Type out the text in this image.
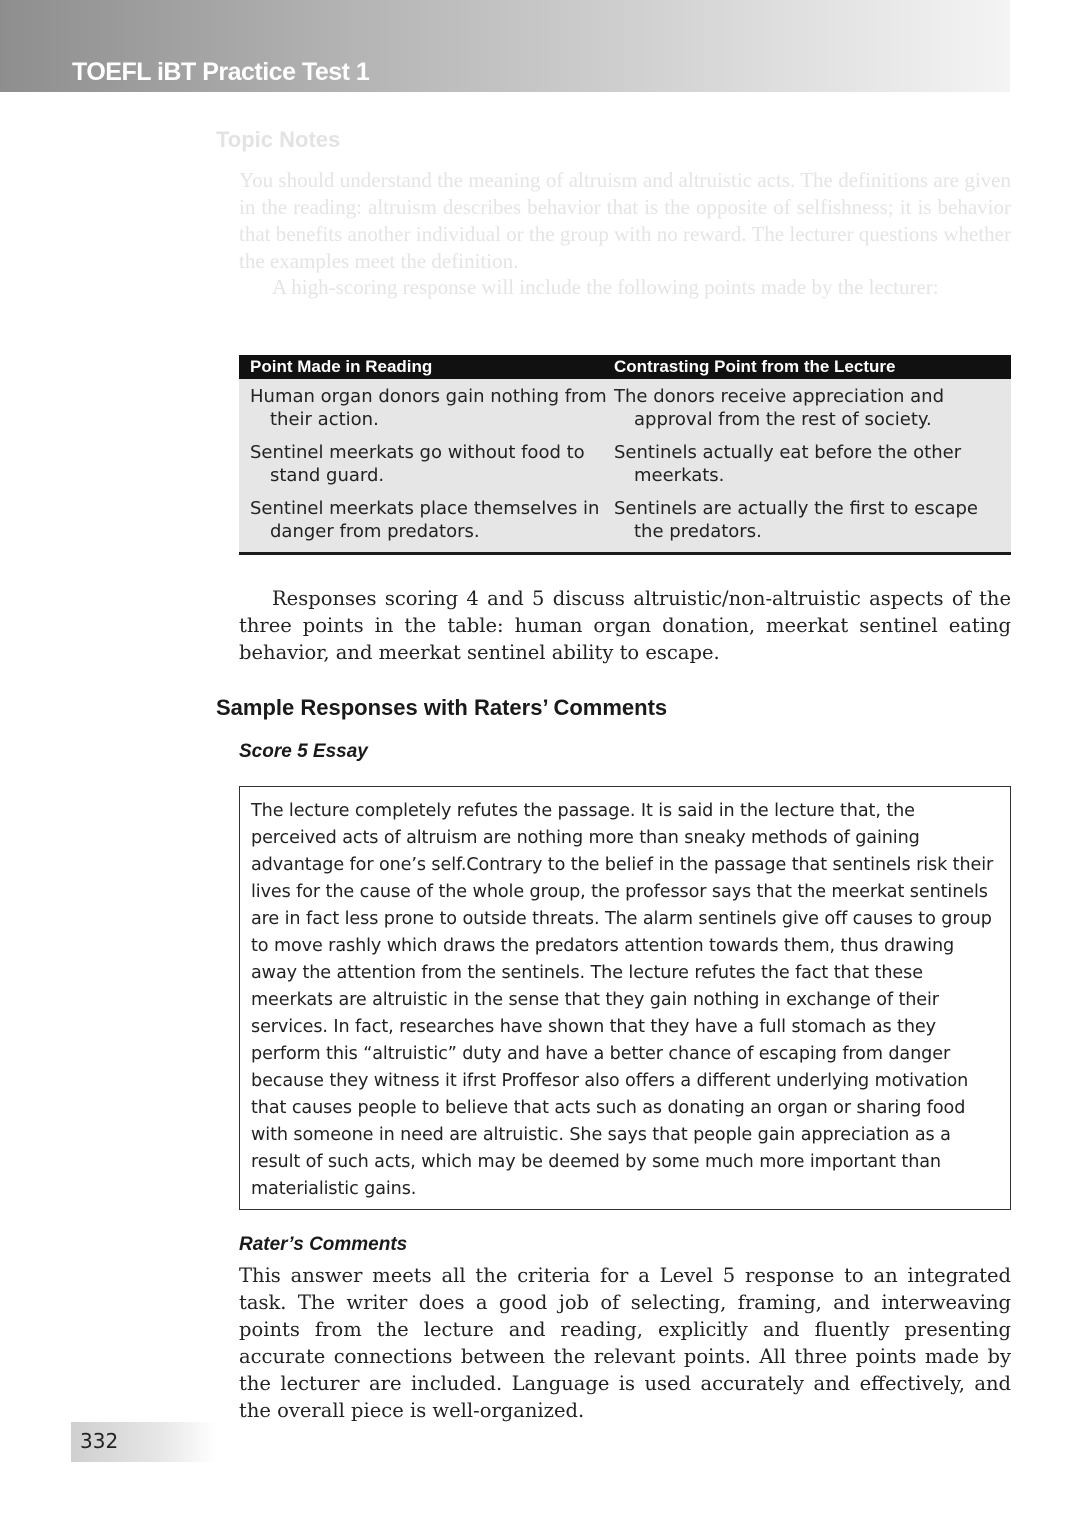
TOEFL iBT Practice Test 1
Topic Notes

You should understand the meaning of altruism and altruistic acts. The definitions are given in the reading: altruism describes behavior that is the opposite of selfishness; it is behavior that benefits another individual or the group with no reward. The lecturer questions whether the examples meet the definition.

A high-scoring response will include the following points made by the lecturer:

Point Made in Reading	Contrasting Point from the Lecture

Human organ donors gain nothing from their action.

The donors receive appreciation and approval from the rest of society.

Sentinel meerkats go without food to stand guard.

Sentinels actually eat before the other meerkats.

Sentinel meerkats place themselves in danger from predators.

Sentinels are actually the first to escape the predators.

Responses scoring 4 and 5 discuss altruistic/non-altruistic aspects of the three points in the table: human organ donation, meerkat sentinel eating behavior, and meerkat sentinel ability to escape.

Sample Responses with Raters’ Comments
Score 5 Essay

The lecture completely refutes the passage. It is said in the lecture that, the perceived acts of altruism are nothing more than sneaky methods of gaining advantage for one’s self.Contrary to the belief in the passage that sentinels risk their lives for the cause of the whole group, the professor says that the meerkat sentinels are in fact less prone to outside threats. The alarm sentinels give off causes to group to move rashly which draws the predators attention towards them, thus drawing away the attention from the sentinels. The lecture refutes the fact that these meerkats are altruistic in the sense that they gain nothing in exchange of their services. In fact, researches have shown that they have a full stomach as they perform this “altruistic” duty and have a better chance of escaping from danger because they witness it ifrst Proffesor also offers a different underlying motivation that causes people to believe that acts such as donating an organ or sharing food with someone in need are altruistic. She says that people gain appreciation as a result of such acts, which may be deemed by some much more important than materialistic gains.

Rater’s Comments

This answer meets all the criteria for a Level 5 response to an integrated task. The writer does a good job of selecting, framing, and interweaving points from the lecture and reading, explicitly and fluently presenting accurate connections between the relevant points. All three points made by the lecturer are included. Language is used accurately and effectively, and the overall piece is well-organized.

332
